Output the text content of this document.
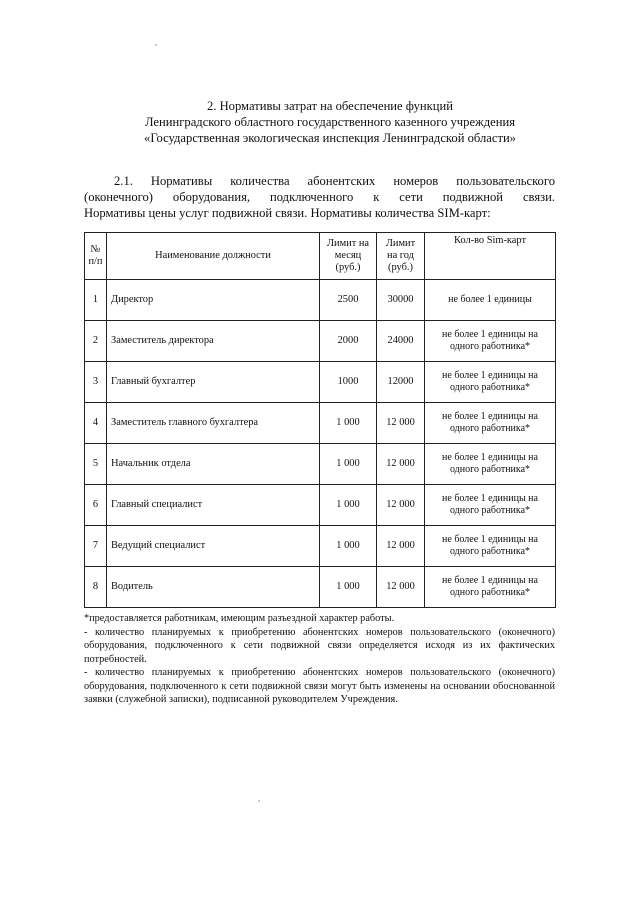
2. Нормативы затрат на обеспечение функций
Ленинградского областного государственного казенного учреждения
«Государственная экологическая инспекция Ленинградской области»
2.1. Нормативы количества абонентских номеров пользовательского
(оконечного) оборудования, подключенного к сети подвижной связи.
Нормативы цены услуг подвижной связи. Нормативы количества SIM-карт:
№ п/п	Наименование должности	Лимит на месяц (руб.)	Лимит на год (руб.)	Кол-во Sim-карт
1	Директор	2500	30000	не более 1 единицы
2	Заместитель директора	2000	24000	не более 1 единицы на одного работника*
3	Главный бухгалтер	1000	12000	не более 1 единицы на одного работника*
4	Заместитель главного бухгалтера	1 000	12 000	не более 1 единицы на одного работника*
5	Начальник отдела	1 000	12 000	не более 1 единицы на одного работника*
6	Главный специалист	1 000	12 000	не более 1 единицы на одного работника*
7	Ведущий специалист	1 000	12 000	не более 1 единицы на одного работника*
8	Водитель	1 000	12 000	не более 1 единицы на одного работника*

*предоставляется работникам, имеющим разъездной характер работы.

- количество планируемых к приобретению абонентских номеров пользовательского (оконечного) оборудования, подключенного к сети подвижной связи определяется исходя из их фактических потребностей.

- количество планируемых к приобретению абонентских номеров пользовательского (оконечного) оборудования, подключенного к сети подвижной связи могут быть изменены на основании обоснованной заявки (служебной записки), подписанной руководителем Учреждения.
